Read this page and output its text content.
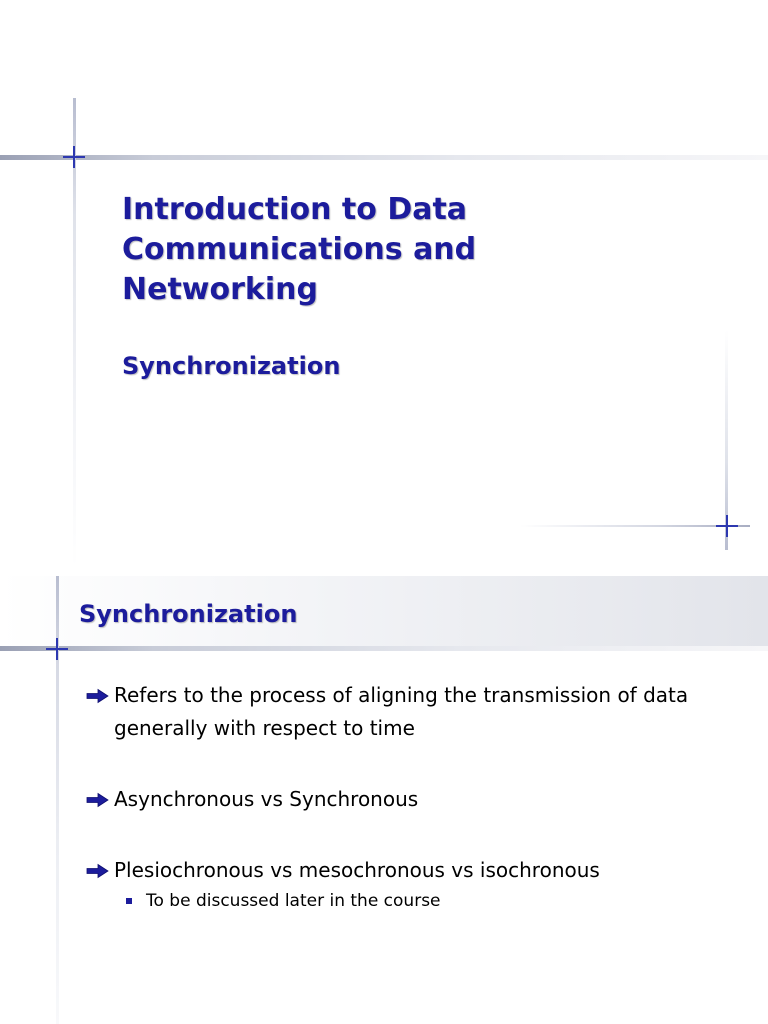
Introduction to Data Communications and Networking
Synchronization
Synchronization
Refers to the process of aligning the transmission of data generally with respect to time
Asynchronous vs Synchronous
Plesiochronous vs mesochronous vs isochronous
To be discussed later in the course
